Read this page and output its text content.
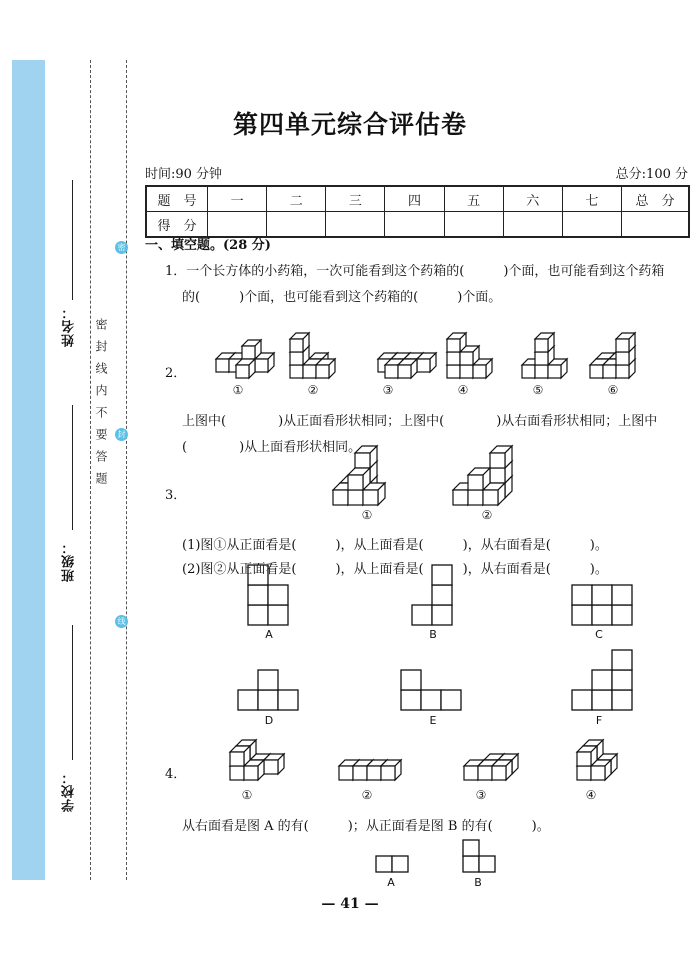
姓名：
班级：
学校：
密
封
线
密封线内不要答题
第四单元综合评估卷
时间:90 分钟	总分:100 分
题　号	一	二	三	四	五	六	七	总　分
得　分								
一、填空题。(28 分)
1．一个长方体的小药箱，一次可能看到这个药箱的(　　　)个面，也可能看到这个药箱
的(　　　)个面，也可能看到这个药箱的(　　　)个面。
2．
①	②	③	④	⑤	⑥
上图中(　　　　)从正面看形状相同；上图中(　　　　)从右面看形状相同；上图中
(　　　　)从上面看形状相同。
3．
①	②
(1)图①从正面看是(　　　)，从上面看是(　　　)，从右面看是(　　　)。
(2)图②从正面看是(　　　)，从上面看是(　　　)，从右面看是(　　　)。
A	B	C
D	E	F
4．
①	②	③	④
从右面看是图 A 的有(　　　)；从正面看是图 B 的有(　　　)。
A	B
— 41 —
